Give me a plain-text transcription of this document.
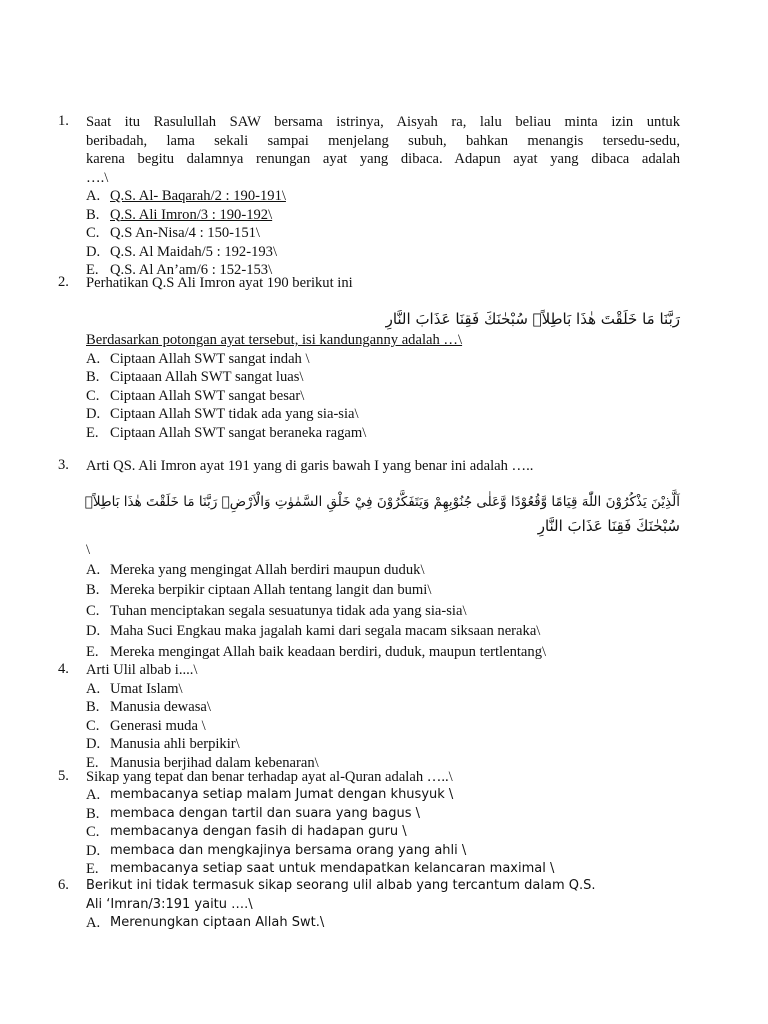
1. Saat itu Rasulullah SAW bersama istrinya, Aisyah ra, lalu beliau minta izin untuk
beribadah, lama sekali sampai menjelang subuh, bahkan menangis tersedu-sedu,
karena begitu dalamnya renungan ayat yang dibaca. Adapun ayat yang dibaca adalah
….\
A. Q.S. Al- Baqarah/2 : 190-191\
B. Q.S. Ali Imron/3 : 190-192\
C. Q.S An-Nisa/4 : 150-151\
D. Q.S. Al Maidah/5 : 192-193\
E. Q.S. Al An’am/6 : 152-153\
2. Perhatikan Q.S Ali Imron ayat 190 berikut ini
رَبَّنَا مَا خَلَقْتَ هٰذَا بَاطِلاًۚ سُبْحٰنَكَ فَقِنَا عَذَابَ النَّارِ
Berdasarkan potongan ayat tersebut, isi kandunganny adalah …\
A. Ciptaan Allah SWT sangat indah \
B. Ciptaaan Allah SWT sangat luas\
C. Ciptaan Allah SWT sangat besar\
D. Ciptaan Allah SWT tidak ada yang sia-sia\
E. Ciptaan Allah SWT sangat beraneka ragam\
3. Arti QS. Ali Imron ayat 191 yang di garis bawah I yang benar ini adalah …..
اَلَّذِيْنَ يَذْكُرُوْنَ اللّٰهَ قِيَامًا وَّقُعُوْدًا وَّعَلٰى جُنُوْبِهِمْ وَيَتَفَكَّرُوْنَ فِيْ خَلْقِ السَّمٰوٰتِ وَالْاَرْضِۚ رَبَّنَا مَا خَلَقْتَ هٰذَا بَاطِلاًۚ
سُبْحٰنَكَ فَقِنَا عَذَابَ النَّارِ
\
A. Mereka yang mengingat Allah berdiri maupun duduk\
B. Mereka berpikir ciptaan Allah tentang langit dan bumi\
C. Tuhan menciptakan segala sesuatunya tidak ada yang sia-sia\
D. Maha Suci Engkau maka jagalah kami dari segala macam siksaan neraka\
E. Mereka mengingat Allah baik keadaan berdiri, duduk, maupun tertlentang\
4. Arti Ulil albab i....\
A. Umat Islam\
B. Manusia dewasa\
C. Generasi muda \
D. Manusia ahli berpikir\
E. Manusia berjihad dalam kebenaran\
5. Sikap yang tepat dan benar terhadap ayat al-Quran adalah …..\
A. membacanya setiap malam Jumat dengan khusyuk \
B. membaca dengan tartil dan suara yang bagus \
C. membacanya dengan fasih di hadapan guru \
D. membaca dan mengkajinya bersama orang yang ahli \
E. membacanya setiap saat untuk mendapatkan kelancaran maximal \
6. Berikut ini tidak termasuk sikap seorang ulil albab yang tercantum dalam Q.S.
Ali ‘Imran/3:191 yaitu ….\
A. Merenungkan ciptaan Allah Swt.\
